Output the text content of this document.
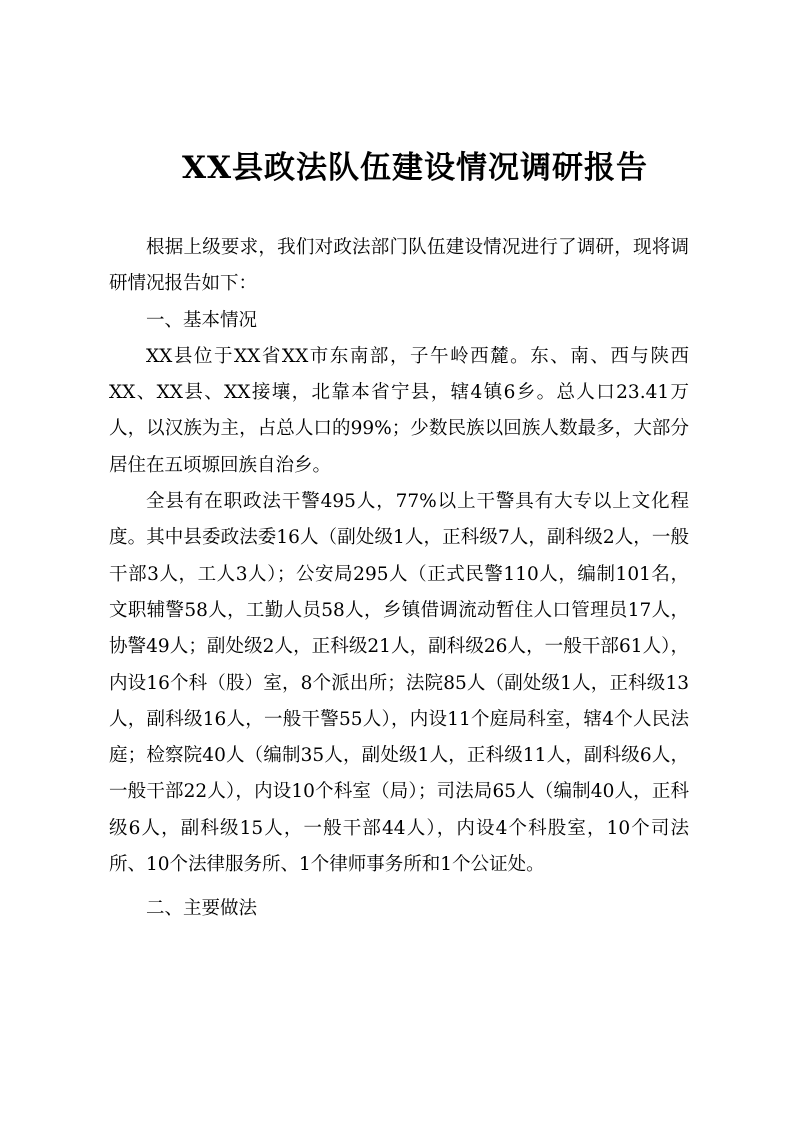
XX县政法队伍建设情况调研报告

根据上级要求，我们对政法部门队伍建设情况进行了调研，现将调研情况报告如下：

一、基本情况

XX县位于XX省XX市东南部，子午岭西麓。东、南、西与陕西XX、XX县、XX接壤，北靠本省宁县，辖4镇6乡。总人口23.41万人，以汉族为主，占总人口的99%；少数民族以回族人数最多，大部分居住在五顷塬回族自治乡。

全县有在职政法干警495人，77%以上干警具有大专以上文化程度。其中县委政法委16人（副处级1人，正科级7人，副科级2人，一般干部3人，工人3人）；公安局295人（正式民警110人，编制101名，文职辅警58人，工勤人员58人，乡镇借调流动暂住人口管理员17人，协警49人；副处级2人，正科级21人，副科级26人，一般干部61人），内设16个科（股）室，8个派出所；法院85人（副处级1人，正科级13人，副科级16人，一般干警55人），内设11个庭局科室，辖4个人民法庭；检察院40人（编制35人，副处级1人，正科级11人，副科级6人，一般干部22人），内设10个科室（局）；司法局65人（编制40人，正科级6人，副科级15人，一般干部44人），内设4个科股室，10个司法所、10个法律服务所、1个律师事务所和1个公证处。

二、主要做法
